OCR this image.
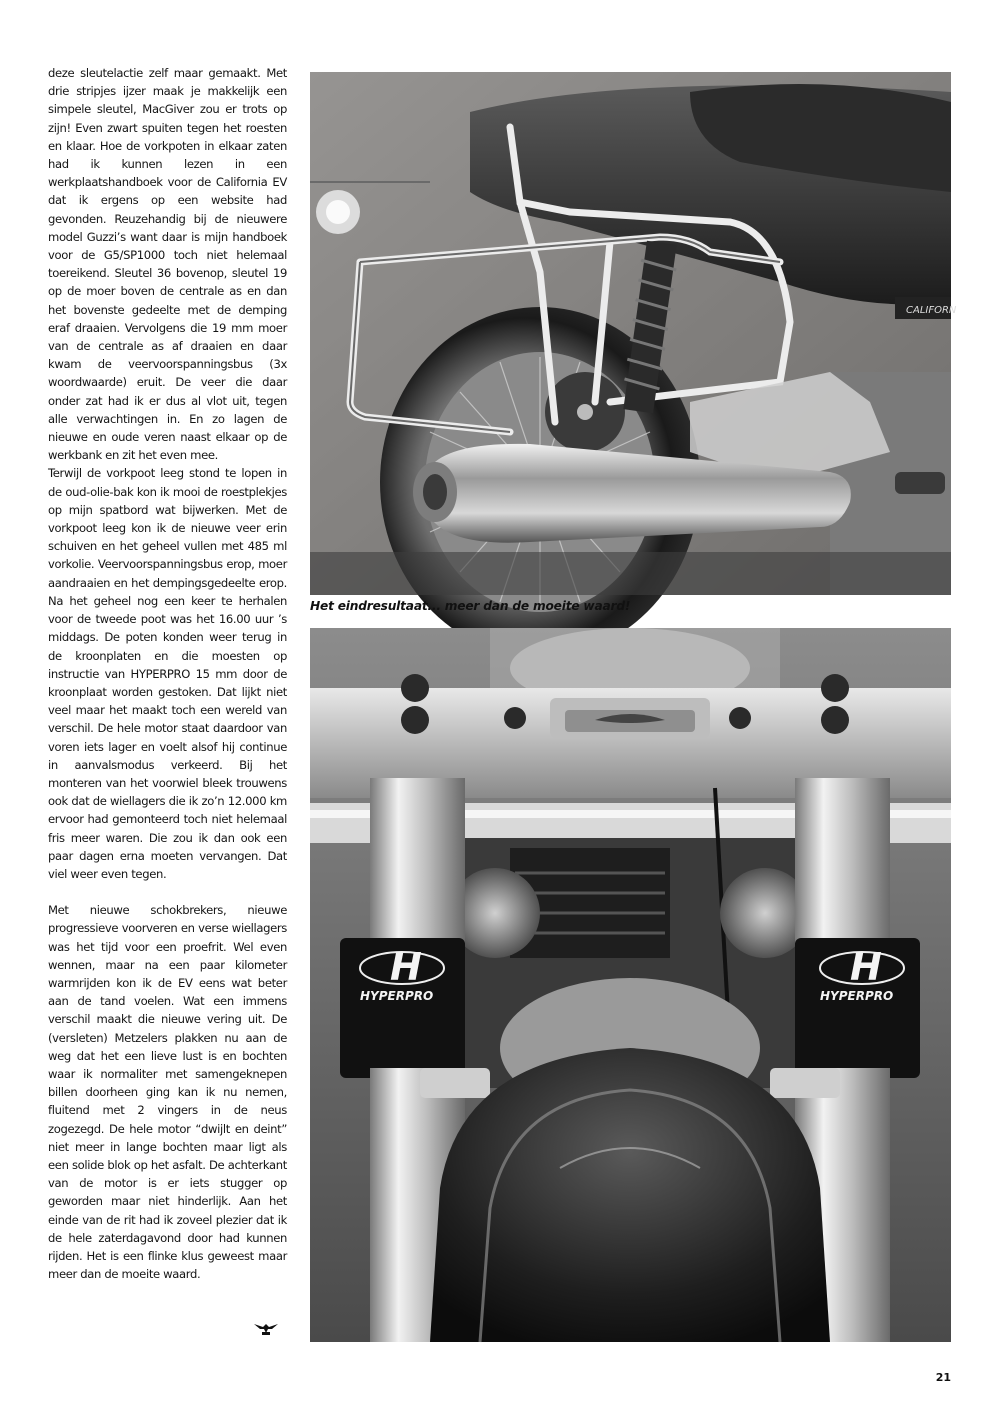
deze sleutelactie zelf maar gemaakt. Met drie stripjes ijzer maak je makkelijk een simpele sleutel, MacGiver zou er trots op zijn! Even zwart spuiten tegen het roesten en klaar. Hoe de vorkpoten in elkaar zaten had ik kunnen lezen in een werkplaatshandboek voor de California EV dat ik ergens op een website had gevonden. Reuzehandig bij de nieuwere model Guzzi’s want daar is mijn handboek voor de G5/SP1000 toch niet helemaal toereikend. Sleutel 36 bovenop, sleutel 19 op de moer boven de centrale as en dan het bovenste gedeelte met de demping eraf draaien. Vervolgens die 19 mm moer van de centrale as af draaien en daar kwam de veervoorspanningsbus (3x woordwaarde) eruit. De veer die daar onder zat had ik er dus al vlot uit, tegen alle verwachtingen in. En zo lagen de nieuwe en oude veren naast elkaar op de werkbank en zit het even mee.

Terwijl de vorkpoot leeg stond te lopen in de oud-olie-bak kon ik mooi de roestplekjes op mijn spatbord wat bijwerken. Met de vorkpoot leeg kon ik de nieuwe veer erin schuiven en het geheel vullen met 485 ml vorkolie. Veervoorspanningsbus erop, moer aandraaien en het dempingsgedeelte erop. Na het geheel nog een keer te herhalen voor de tweede poot was het 16.00 uur ’s middags. De poten konden weer terug in de kroonplaten en die moesten op instructie van HYPERPRO 15 mm door de kroonplaat worden gestoken. Dat lijkt niet veel maar het maakt toch een wereld van verschil. De hele motor staat daardoor van voren iets lager en voelt alsof hij continue in aanvalsmodus verkeerd. Bij het monteren van het voorwiel bleek trouwens ook dat de wiellagers die ik zo’n 12.000 km ervoor had gemonteerd toch niet helemaal fris meer waren. Die zou ik dan ook een paar dagen erna moeten vervangen. Dat viel weer even tegen.

Met nieuwe schokbrekers, nieuwe progressieve voorveren en verse wiellagers was het tijd voor een proefrit. Wel even wennen, maar na een paar kilometer warmrijden kon ik de EV eens wat beter aan de tand voelen. Wat een immens verschil maakt die nieuwe vering uit. De (versleten) Metzelers plakken nu aan de weg dat het een lieve lust is en bochten waar ik normaliter met samengeknepen billen doorheen ging kan ik nu nemen, fluitend met 2 vingers in de neus zogezegd. De hele motor “dwijlt en deint” niet meer in lange bochten maar ligt als een solide blok op het asfalt. De achterkant van de motor is er iets stugger op geworden maar niet hinderlijk. Aan het einde van de rit had ik zoveel plezier dat ik de hele zaterdagavond door had kunnen rijden. Het is een flinke klus geweest maar meer dan de moeite waard.

CALIFORN
Het eindresultaat... meer dan de moeite waard!
H
HYPERPRO
H
HYPERPRO
21
